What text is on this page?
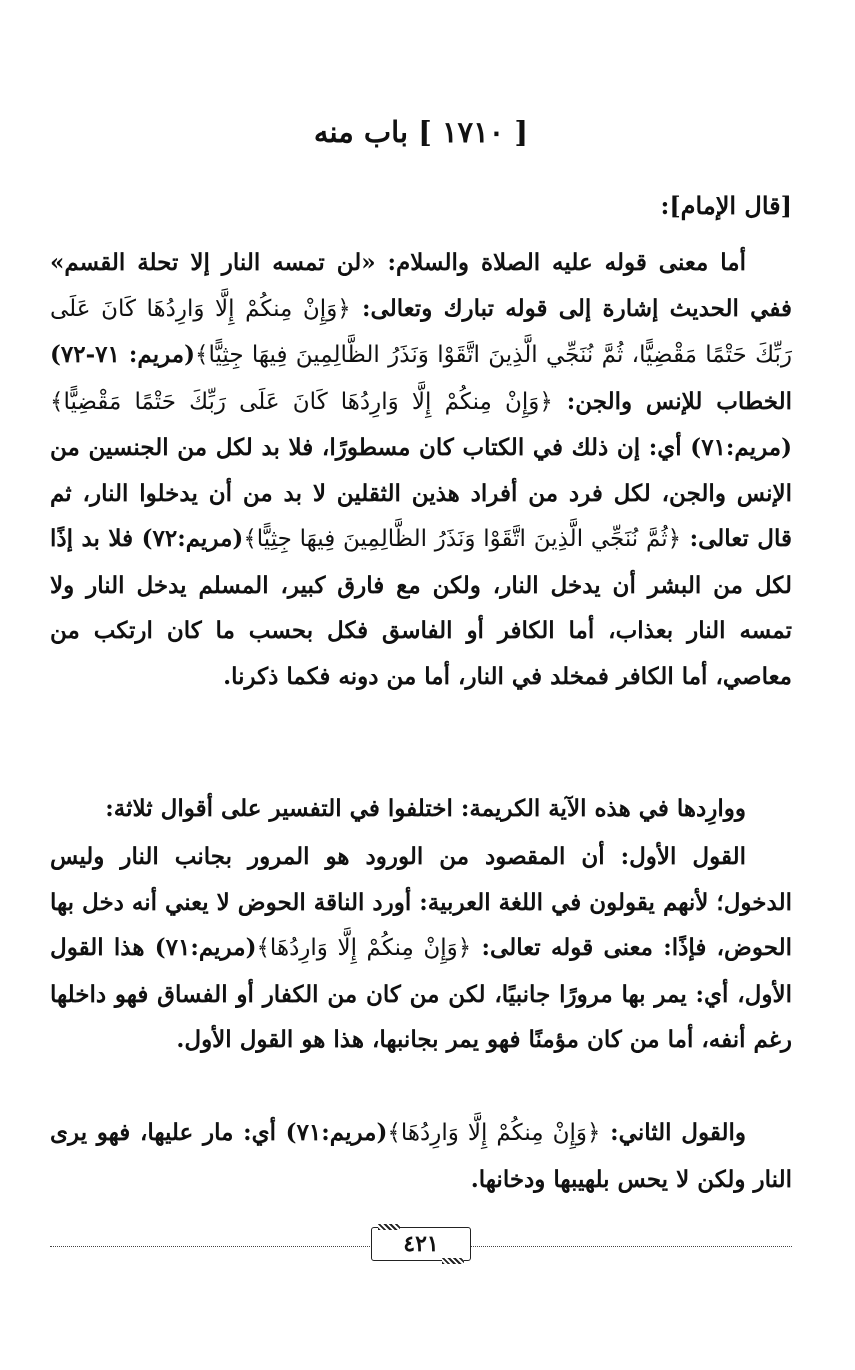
[ ١٧١٠ ] باب منه
[قال الإمام]:

أما معنى قوله عليه الصلاة والسلام: «لن تمسه النار إلا تحلة القسم» ففي الحديث إشارة إلى قوله تبارك وتعالى: ﴿وَإِنْ مِنكُمْ إِلَّا وَارِدُهَا كَانَ عَلَى رَبِّكَ حَتْمًا مَقْضِيًّا، ثُمَّ نُنَجِّي الَّذِينَ اتَّقَوْا وَنَذَرُ الظَّالِمِينَ فِيهَا جِثِيًّا﴾(مريم: ٧١-٧٢) الخطاب للإنس والجن: ﴿وَإِنْ مِنكُمْ إِلَّا وَارِدُهَا كَانَ عَلَى رَبِّكَ حَتْمًا مَقْضِيًّا﴾(مريم:٧١) أي: إن ذلك في الكتاب كان مسطورًا، فلا بد لكل من الجنسين من الإنس والجن، لكل فرد من أفراد هذين الثقلين لا بد من أن يدخلوا النار، ثم قال تعالى: ﴿ثُمَّ نُنَجِّي الَّذِينَ اتَّقَوْا وَنَذَرُ الظَّالِمِينَ فِيهَا جِثِيًّا﴾(مريم:٧٢) فلا بد إذًا لكل من البشر أن يدخل النار، ولكن مع فارق كبير، المسلم يدخل النار ولا تمسه النار بعذاب، أما الكافر أو الفاسق فكل بحسب ما كان ارتكب من معاصي، أما الكافر فمخلد في النار، أما من دونه فكما ذكرنا.

ووارِدها في هذه الآية الكريمة: اختلفوا في التفسير على أقوال ثلاثة:

القول الأول: أن المقصود من الورود هو المرور بجانب النار وليس الدخول؛ لأنهم يقولون في اللغة العربية: أورد الناقة الحوض لا يعني أنه دخل بها الحوض، فإذًا: معنى قوله تعالى: ﴿وَإِنْ مِنكُمْ إِلَّا وَارِدُهَا﴾(مريم:٧١) هذا القول الأول، أي: يمر بها مرورًا جانبيًا، لكن من كان من الكفار أو الفساق فهو داخلها رغم أنفه، أما من كان مؤمنًا فهو يمر بجانبها، هذا هو القول الأول.

والقول الثاني: ﴿وَإِنْ مِنكُمْ إِلَّا وَارِدُهَا﴾(مريم:٧١) أي: مار عليها، فهو يرى النار ولكن لا يحس بلهيبها ودخانها.

٤٢١
